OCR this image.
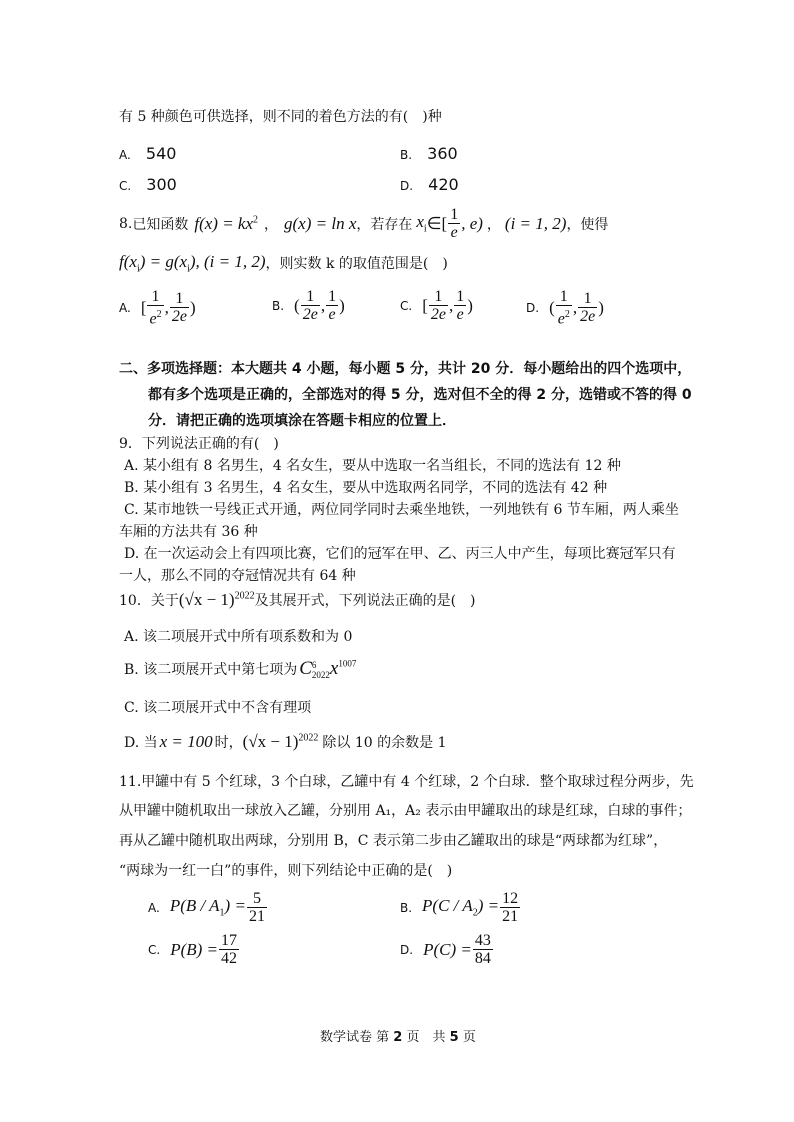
有 5 种颜色可供选择，则不同的着色方法的有(　)种
A. 540	B. 360
C. 300	D. 420
8. 已知函数 $f(x) = kx^2$ ， g(x) = ln x ，若存在 $x_i$ ∈[ $\frac{1}{e}$ , e) ， (i = 1, 2) ，使得
$f(x_i) = g(x_i)$, (i = 1, 2) ，则实数 k 的取值范围是(　)
A. [ $\frac{1}{e^2}$ , $\frac{1}{2e}$ )	B. ( $\frac{1}{2e}$ , $\frac{1}{e}$ )	C. [ $\frac{1}{2e}$ , $\frac{1}{e}$ )	D. ( $\frac{1}{e^2}$ , $\frac{1}{2e}$ )
二、多项选择题：本大题共 4 小题，每小题 5 分，共计 20 分．每小题给出的四个选项中，
都有多个选项是正确的，全部选对的得 5 分，选对但不全的得 2 分，选错或不答的得 0
分．请把正确的选项填涂在答题卡相应的位置上．
9．下列说法正确的有(　)
A. 某小组有 8 名男生，4 名女生，要从中选取一名当组长，不同的选法有 12 种
B. 某小组有 3 名男生，4 名女生，要从中选取两名同学，不同的选法有 42 种
C. 某市地铁一号线正式开通，两位同学同时去乘坐地铁，一列地铁有 6 节车厢，两人乘坐
车厢的方法共有 36 种
D. 在一次运动会上有四项比赛，它们的冠军在甲、乙、丙三人中产生，每项比赛冠军只有
一人，那么不同的夺冠情况共有 64 种
10．关于 $(√x - 1)^{2022}$ 及其展开式，下列说法正确的是(　)
A. 该二项展开式中所有项系数和为 0
B. 该二项展开式中第七项为 C 6
2022 $x^{1007}$
C. 该二项展开式中不含有理项
D. 当 x = 100 时， $(√x - 1)^{2022}$ 除以 10 的余数是 1
11.甲罐中有 5 个红球，3 个白球，乙罐中有 4 个红球，2 个白球．整个取球过程分两步，先
从甲罐中随机取出一球放入乙罐，分别用 A₁，A₂ 表示由甲罐取出的球是红球，白球的事件；
再从乙罐中随机取出两球，分别用 B，C 表示第二步由乙罐取出的球是“两球都为红球”，
“两球为一红一白”的事件，则下列结论中正确的是(　)
A. $P(B / A_1) = \frac{5}{21}$	B. $P(C / A_2) = \frac{12}{21}$
C. $P(B) = \frac{17}{42}$	D. $P(C) = \frac{43}{84}$
数学试卷 第 2 页　共 5 页
